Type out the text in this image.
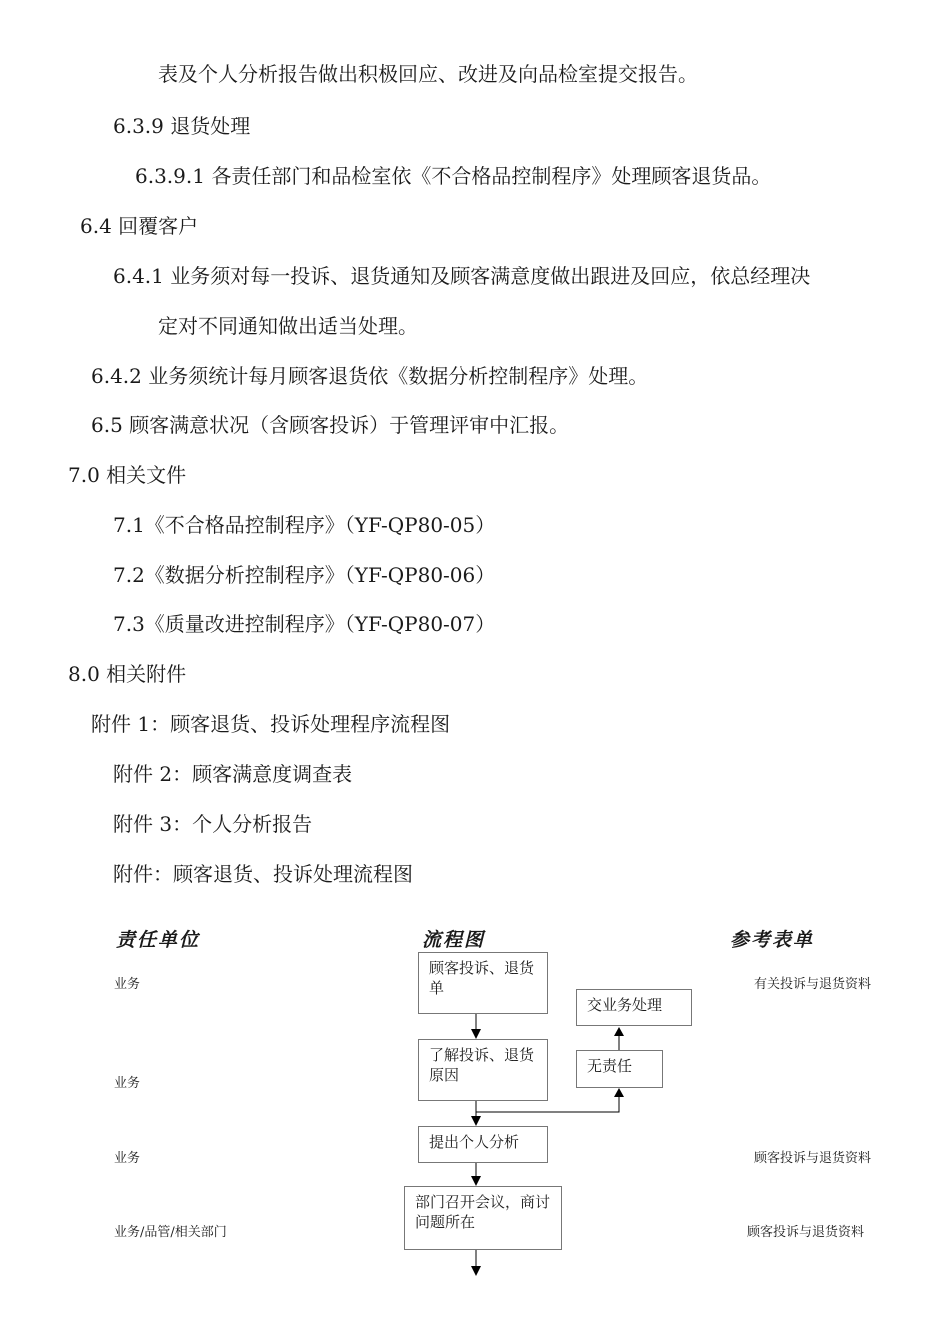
表及个人分析报告做出积极回应、改进及向品检室提交报告。
6.3.9 退货处理
6.3.9.1 各责任部门和品检室依《不合格品控制程序》处理顾客退货品。
6.4 回覆客户
6.4.1 业务须对每一投诉、退货通知及顾客满意度做出跟进及回应，依总经理决
定对不同通知做出适当处理。
6.4.2 业务须统计每月顾客退货依《数据分析控制程序》处理。
6.5 顾客满意状况（含顾客投诉）于管理评审中汇报。
7.0 相关文件
7.1《不合格品控制程序》（YF-QP80-05）
7.2《数据分析控制程序》（YF-QP80-06）
7.3《质量改进控制程序》（YF-QP80-07）
8.0 相关附件
附件 1：顾客退货、投诉处理程序流程图
附件 2：顾客满意度调查表
附件 3：个人分析报告
附件：顾客退货、投诉处理流程图
责任单位	流程图	参考表单
业务
业务
业务
业务/品管/相关部门
有关投诉与退货资料
顾客投诉与退货资料
顾客投诉与退货资料
顾客投诉、退货单
了解投诉、退货原因
提出个人分析
部门召开会议，商讨问题所在
交业务处理
无责任
